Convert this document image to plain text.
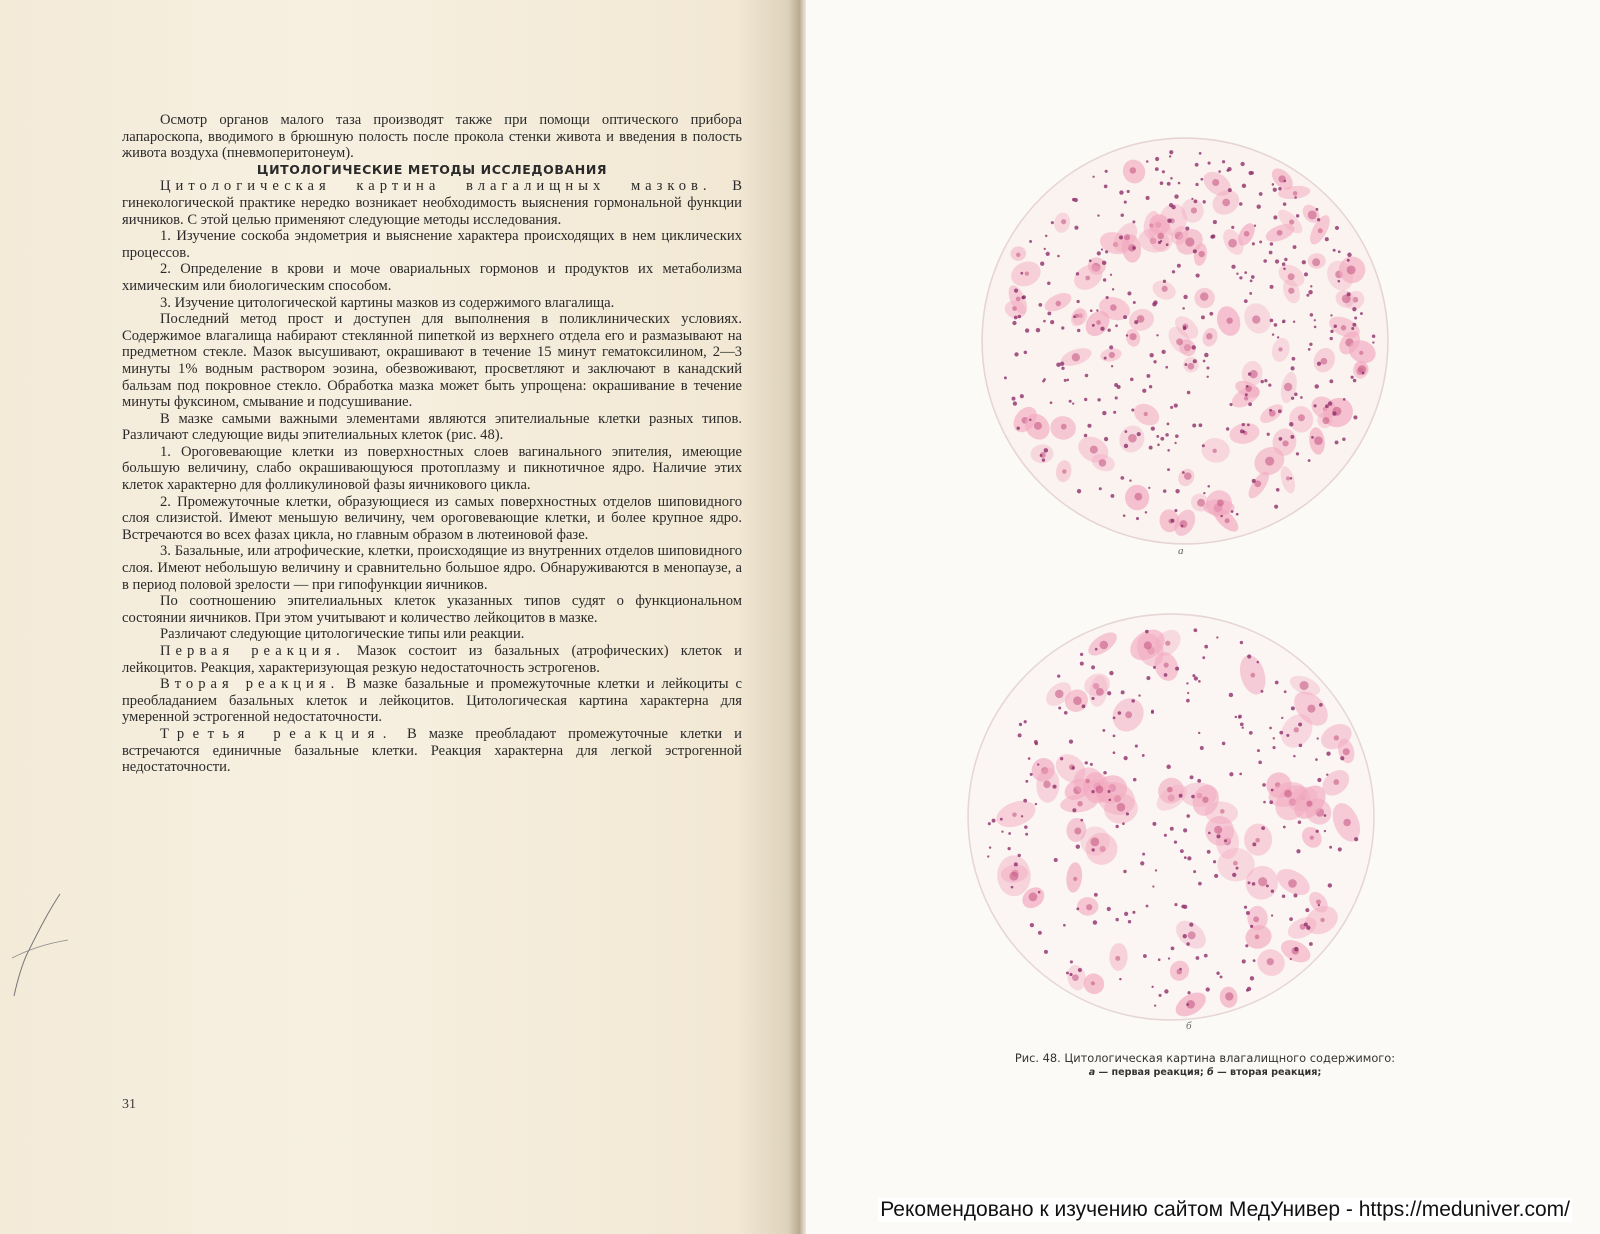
Осмотр органов малого таза производят также при помощи оптического прибора лапароскопа, вводимого в брюшную полость после прокола стенки живота и введения в полость живота воздуха (пневмоперитонеум).

ЦИТОЛОГИЧЕСКИЕ МЕТОДЫ ИССЛЕДОВАНИЯ

Цитологическая картина влагалищных мазков. В гинекологической практике нередко возникает необходимость выяснения гормональной функции яичников. С этой целью применяют следующие методы исследования.

1. Изучение соскоба эндометрия и выяснение характера происходящих в нем циклических процессов.

2. Определение в крови и моче овариальных гормонов и продуктов их метаболизма химическим или биологическим способом.

3. Изучение цитологической картины мазков из содержимого влагалища.

Последний метод прост и доступен для выполнения в поликлинических условиях. Содержимое влагалища набирают стеклянной пипеткой из верхнего отдела его и размазывают на предметном стекле. Мазок высушивают, окрашивают в течение 15 минут гематоксилином, 2—3 минуты 1% водным раствором эозина, обезвоживают, просветляют и заключают в канадский бальзам под покровное стекло. Обработка мазка может быть упрощена: окрашивание в течение минуты фуксином, смывание и подсушивание.

В мазке самыми важными элементами являются эпителиальные клетки разных типов. Различают следующие виды эпителиальных клеток (рис. 48).

1. Ороговевающие клетки из поверхностных слоев вагинального эпителия, имеющие большую величину, слабо окрашивающуюся протоплазму и пикнотичное ядро. Наличие этих клеток характерно для фолликулиновой фазы яичникового цикла.

2. Промежуточные клетки, образующиеся из самых поверхностных отделов шиповидного слоя слизистой. Имеют меньшую величину, чем ороговевающие клетки, и более крупное ядро. Встречаются во всех фазах цикла, но главным образом в лютеиновой фазе.

3. Базальные, или атрофические, клетки, происходящие из внутренних отделов шиповидного слоя. Имеют небольшую величину и сравнительно большое ядро. Обнаруживаются в менопаузе, а в период половой зрелости — при гипофункции яичников.

По соотношению эпителиальных клеток указанных типов судят о функциональном состоянии яичников. При этом учитывают и количество лейкоцитов в мазке.

Различают следующие цитологические типы или реакции.

Первая реакция. Мазок состоит из базальных (атрофических) клеток и лейкоцитов. Реакция, характеризующая резкую недостаточность эстрогенов.

Вторая реакция. В мазке базальные и промежуточные клетки и лейкоциты с преобладанием базальных клеток и лейкоцитов. Цитологическая картина характерна для умеренной эстрогенной недостаточности.

Третья реакция. В мазке преобладают промежуточные клетки и встречаются единичные базальные клетки. Реакция характерна для легкой эстрогенной недостаточности.

31
а
б
Рис. 48. Цитологическая картина влагалищного содержимого:
а — первая реакция; б — вторая реакция;
Рекомендовано к изучению сайтом МедУнивер - https://meduniver.com/
